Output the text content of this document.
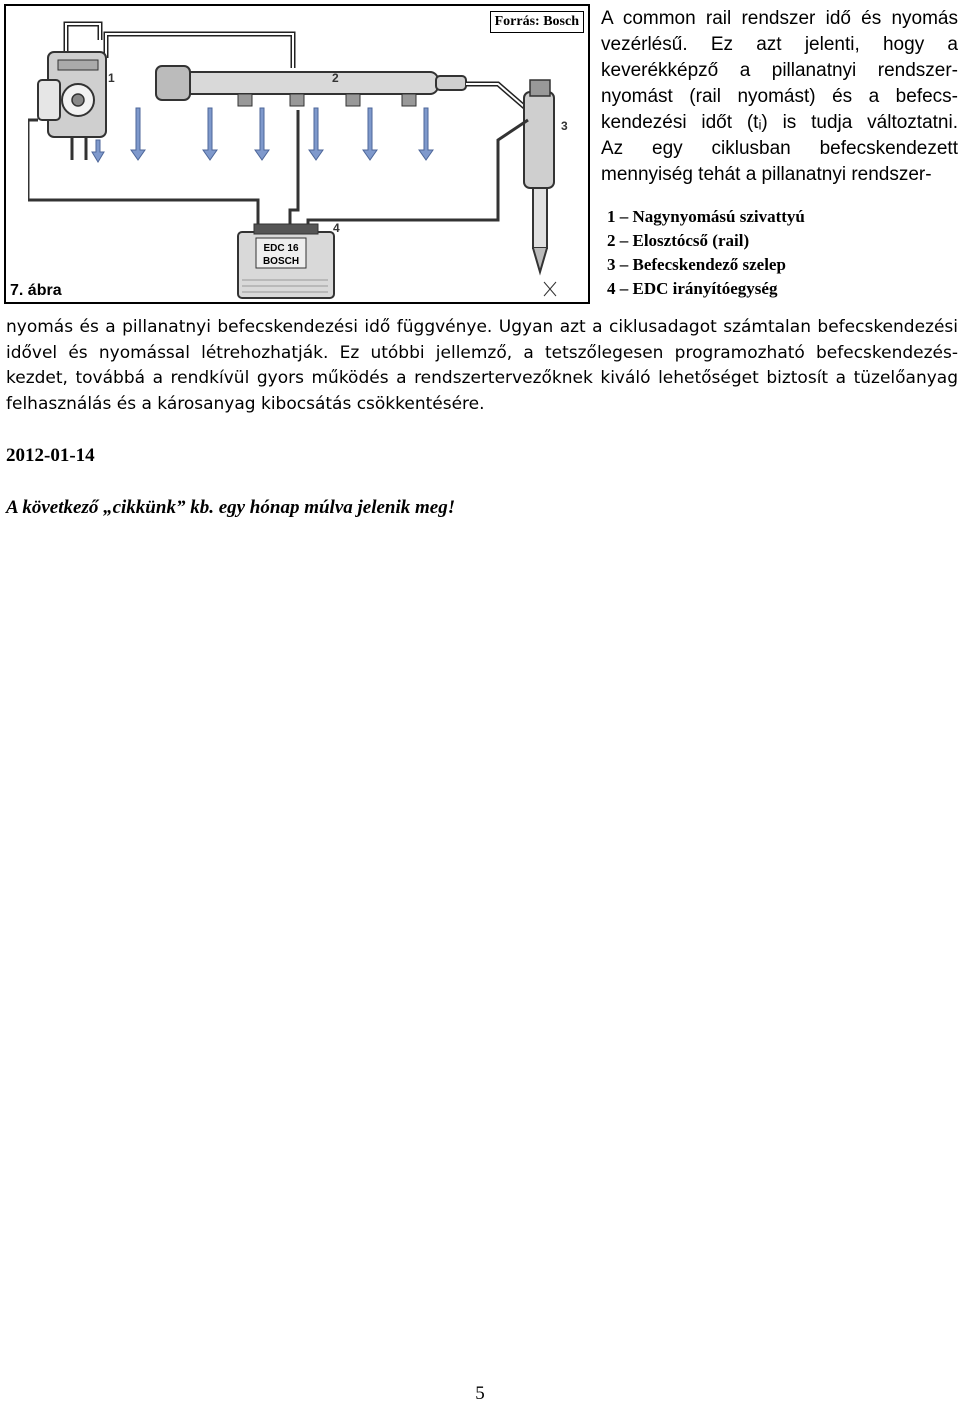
EDC 16
BOSCH
1	2
3
4
Forrás: Bosch
7. ábra
A common rail rendszer idő és nyomás
vezérlésű. Ez azt jelenti, hogy a
keverékképző a pillanatnyi rendszer-
nyomást (rail nyomást) és a befecs-
kendezési időt (tᵢ) is tudja változtatni.
Az egy ciklusban befecskendezett
mennyiség tehát a pillanatnyi rendszer-
1 – Nagynyomású szivattyú
2 – Elosztócső (rail)
3 – Befecskendező szelep
4 – EDC irányítóegység
nyomás és a pillanatnyi befecskendezési idő függvénye. Ugyan azt a ciklusadagot számtalan befecskendezési idővel és nyomással létrehozhatják. Ez utóbbi jellemző, a tetszőlegesen programozható befecskendezés-kezdet, továbbá a rendkívül gyors működés a rendszertervezőknek kiváló lehetőséget biztosít a tüzelőanyag felhasználás és a károsanyag kibocsátás csökkentésére.
2012-01-14
A következő „cikkünk” kb. egy hónap múlva jelenik meg!
5
